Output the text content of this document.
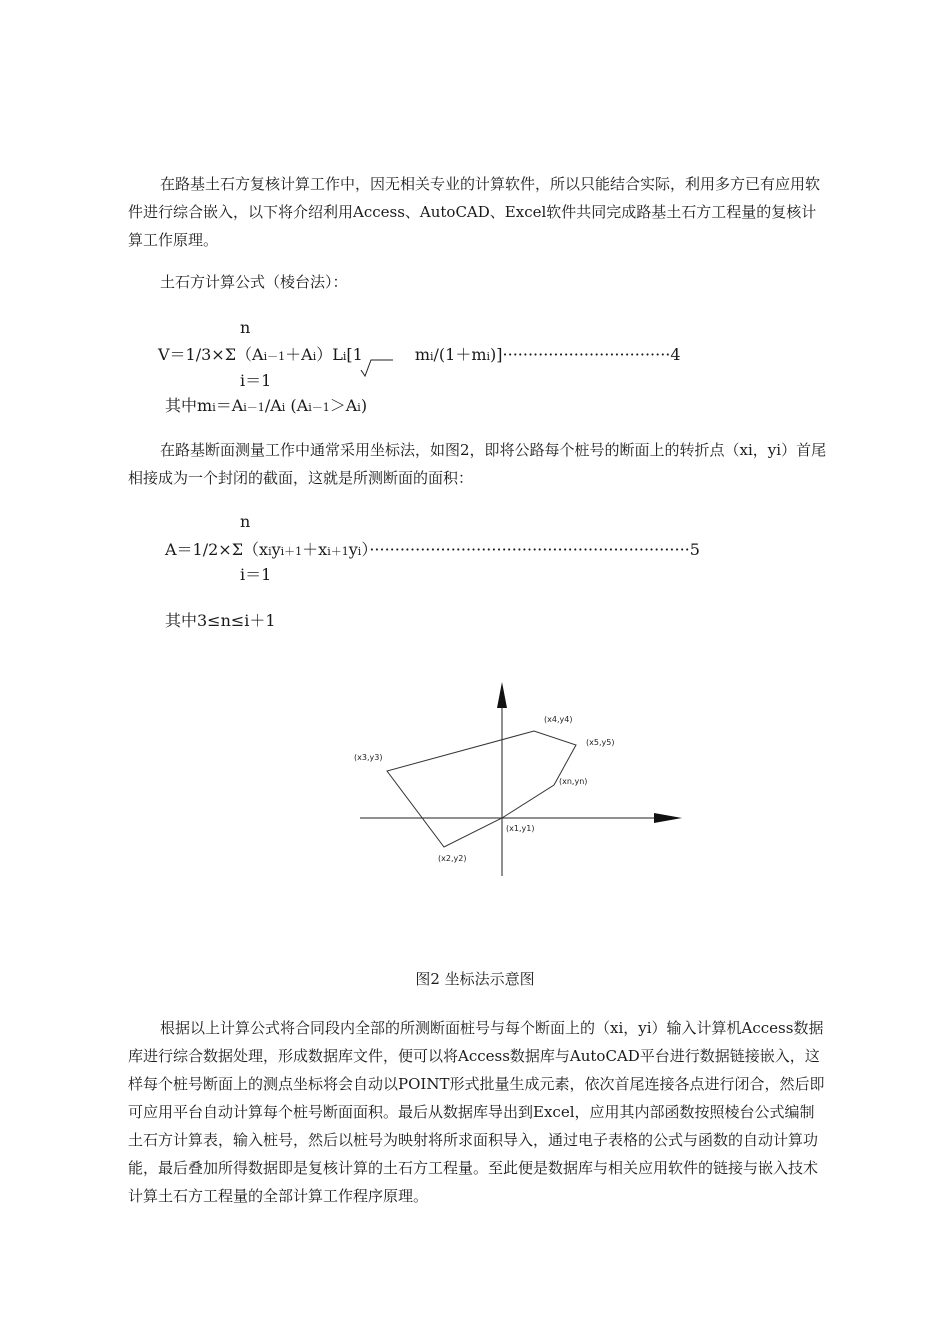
在路基土石方复核计算工作中，因无相关专业的计算软件，所以只能结合实际，利用多方已有应用软件进行综合嵌入，以下将介绍利用Access、AutoCAD、Excel软件共同完成路基土石方工程量的复核计算工作原理。

土石方计算公式（棱台法）：

n
V＝1/3×Σ（Ai－1＋Ai）Li[1	mi/(1＋mi)]·································4
i＝1
其中mi＝Ai－1/Ai (Ai－1＞Ai)

在路基断面测量工作中通常采用坐标法，如图2，即将公路每个桩号的断面上的转折点（xi，yi）首尾相接成为一个封闭的截面，这就是所测断面的面积：

n
A＝1/2×Σ（xiyi＋1＋xi＋1yi）·······························································5
i＝1
其中3≤n≤i＋1
(x1,y1)
(xn,yn)
(x5,y5)
(x4,y4)
(x3,y3)
(x2,y2)
图2 坐标法示意图

根据以上计算公式将合同段内全部的所测断面桩号与每个断面上的（xi，yi）输入计算机Access数据库进行综合数据处理，形成数据库文件，便可以将Access数据库与AutoCAD平台进行数据链接嵌入，这样每个桩号断面上的测点坐标将会自动以POINT形式批量生成元素，依次首尾连接各点进行闭合，然后即可应用平台自动计算每个桩号断面面积。最后从数据库导出到Excel，应用其内部函数按照棱台公式编制土石方计算表，输入桩号，然后以桩号为映射将所求面积导入，通过电子表格的公式与函数的自动计算功能，最后叠加所得数据即是复核计算的土石方工程量。至此便是数据库与相关应用软件的链接与嵌入技术计算土石方工程量的全部计算工作程序原理。
